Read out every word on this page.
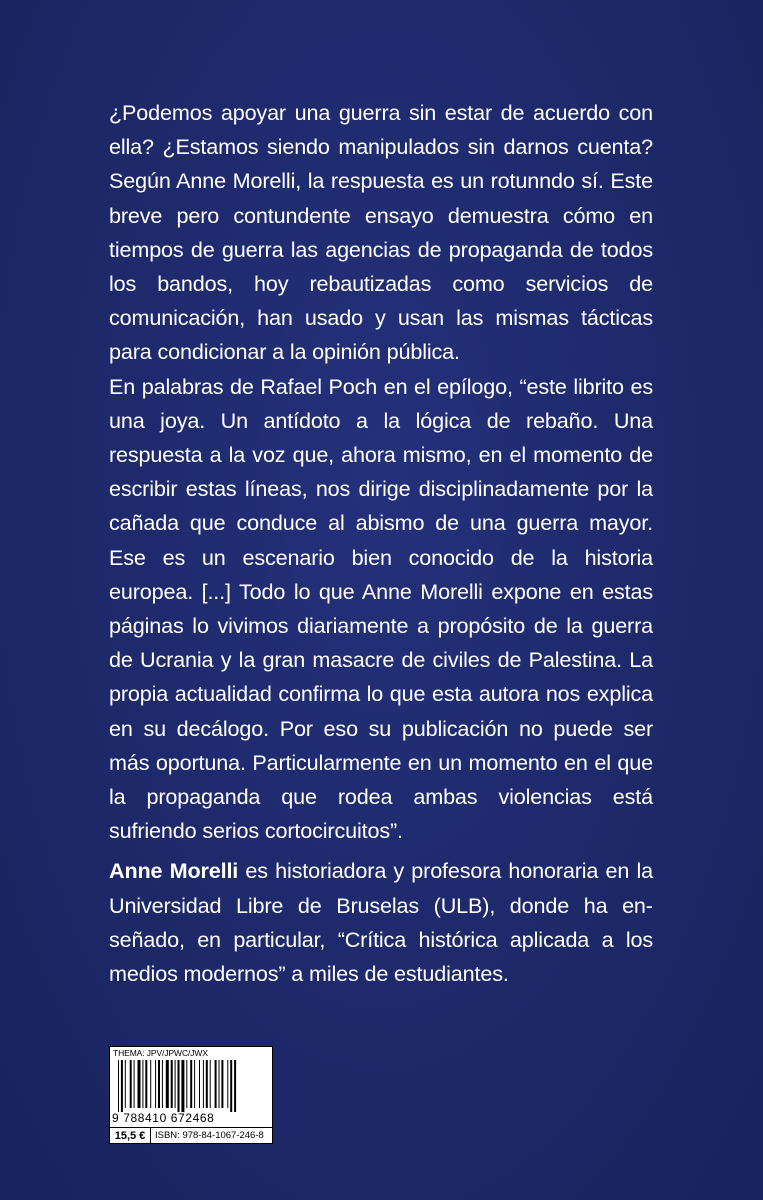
¿Podemos apoyar una guerra sin estar de acuerdo con ella? ¿Estamos siendo manipulados sin darnos cuenta? Según Anne Morelli, la respuesta es un rotunndo sí. Este breve pero contundente ensayo demuestra cómo en tiempos de guerra las agencias de propaganda de todos los bandos, hoy rebautizadas como servicios de comunicación, han usado y usan las mismas tácticas para condicionar a la opinión pública.

En palabras de Rafael Poch en el epílogo, “este librito es una joya. Un antídoto a la lógica de rebaño. Una respuesta a la voz que, ahora mismo, en el momento de escribir estas líneas, nos dirige disciplinadamente por la cañada que conduce al abismo de una guerra mayor. Ese es un escenario bien conocido de la historia europea. [...] Todo lo que Anne Morelli expone en estas páginas lo vivimos diariamente a propósito de la guerra de Ucrania y la gran masacre de civiles de Palestina. La propia actualidad confirma lo que esta autora nos explica en su decálogo. Por eso su publicación no puede ser más oportuna. Particularmente en un momento en el que la propaganda que rodea ambas violencias está sufriendo serios cortocircuitos”.

Anne Morelli es historiadora y profesora honoraria en la Universidad Libre de Bruselas (ULB), donde ha enseñado, en particular, “Crítica histórica aplicada a los medios modernos” a miles de estudiantes.

THEMA: JPV/JPWC/JWX
9 788410 672468
15,5 €	ISBN: 978-84-1067-246-8
